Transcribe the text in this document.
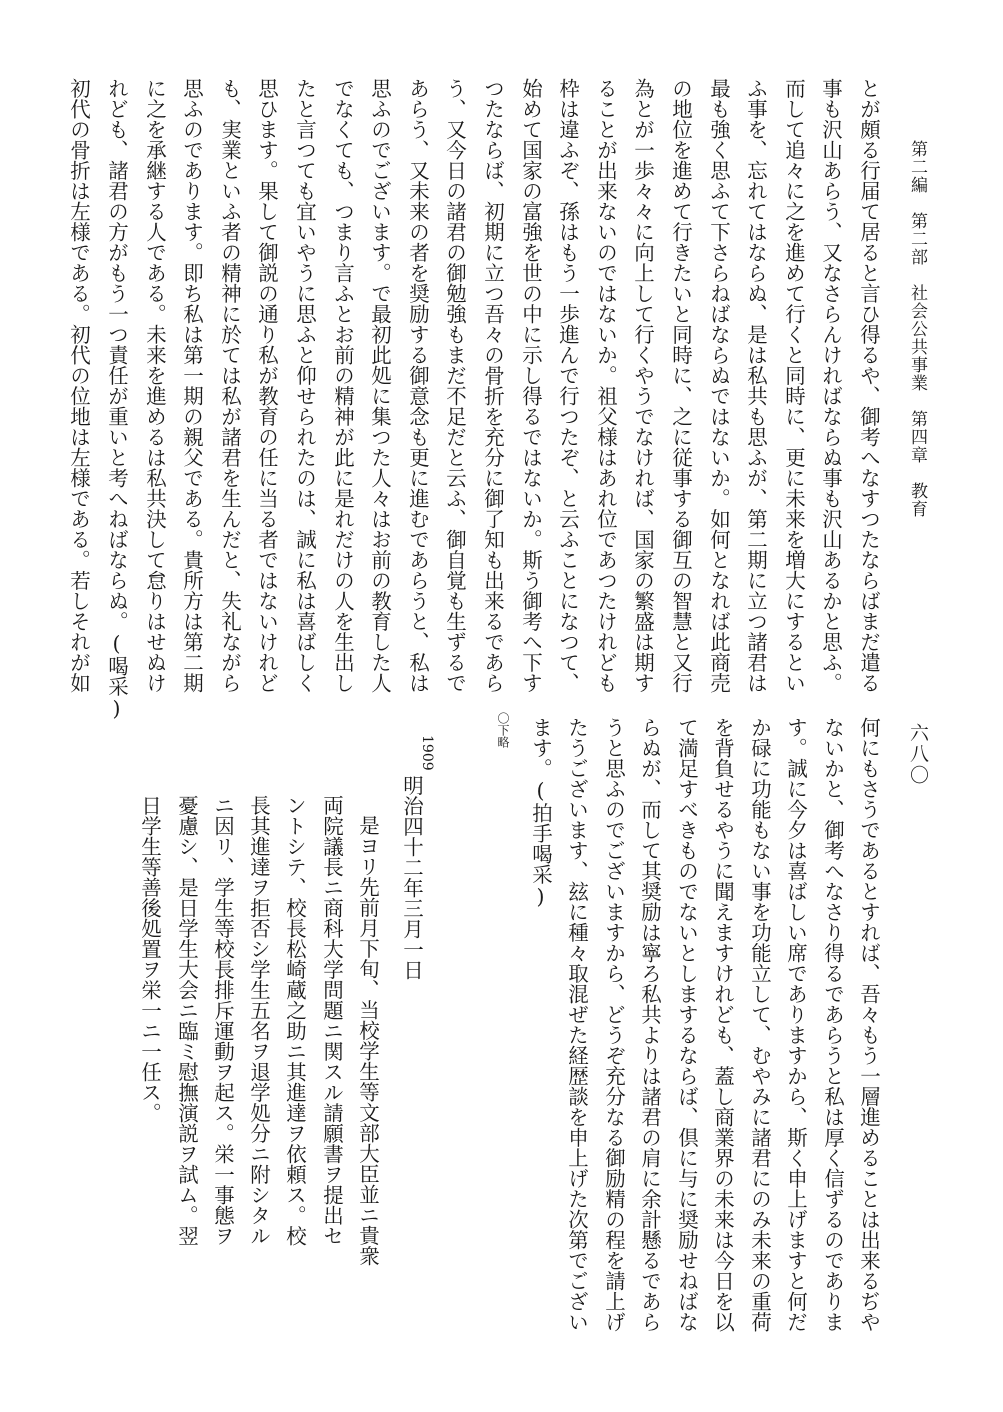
第二編　第二部　社会公共事業　第四章　教育
六八〇
とが頗る行届て居ると言ひ得るや、御考へなすつたならばまだ遣る
事も沢山あらう、又なさらんければならぬ事も沢山あるかと思ふ。
而して追々に之を進めて行くと同時に、更に未来を増大にするとい
ふ事を、忘れてはならぬ、是は私共も思ふが、第二期に立つ諸君は
最も強く思ふて下さらねばならぬではないか。如何となれば此商売
の地位を進めて行きたいと同時に、之に従事する御互の智慧と又行
為とが一歩々々に向上して行くやうでなければ、国家の繁盛は期す
ることが出来ないのではないか。祖父様はあれ位であつたけれども
枠は違ふぞ、孫はもう一歩進んで行つたぞ、と云ふことになつて、
始めて国家の富強を世の中に示し得るではないか。斯う御考へ下す
つたならば、初期に立つ吾々の骨折を充分に御了知も出来るであら
う、又今日の諸君の御勉強もまだ不足だと云ふ、御自覚も生ずるで
あらう、又未来の者を奨励する御意念も更に進むであらうと、私は
思ふのでございます。で最初此処に集つた人々はお前の教育した人
でなくても、つまり言ふとお前の精神が此に是れだけの人を生出し
たと言つても宜いやうに思ふと仰せられたのは、誠に私は喜ばしく
思ひます。果して御説の通り私が教育の任に当る者ではないけれど
も、実業といふ者の精神に於ては私が諸君を生んだと、失礼ながら
思ふのであります。即ち私は第一期の親父である。貴所方は第二期
に之を承継する人である。未来を進めるは私共決して怠りはせぬけ
れども、諸君の方がもう一つ責任が重いと考へねばならぬ。(喝采)
初代の骨折は左様である。初代の位地は左様である。若しそれが如
何にもさうであるとすれば、吾々もう一層進めることは出来るぢや
ないかと、御考へなさり得るであらうと私は厚く信ずるのでありま
す。誠に今夕は喜ばしい席でありますから、斯く申上げますと何だ
か碌に功能もない事を功能立して、むやみに諸君にのみ未来の重荷
を背負せるやうに聞えますけれども、蓋し商業界の未来は今日を以
て満足すべきものでないとしまするならば、倶に与に奨励せねばな
らぬが、而して其奨励は寧ろ私共よりは諸君の肩に余計懸るであら
うと思ふのでございますから、どうぞ充分なる御励精の程を請上げ
たうございます、玆に種々取混ぜた経歴談を申上げた次第でござい
ます。(拍手喝采)
〇下略
1909
明治四十二年三月一日
是ヨリ先前月下旬、当校学生等文部大臣並ニ貴衆
両院議長ニ商科大学問題ニ関スル請願書ヲ提出セ
ントシテ、校長松崎蔵之助ニ其進達ヲ依頼ス。校
長其進達ヲ拒否シ学生五名ヲ退学処分ニ附シタル
ニ因リ、学生等校長排斥運動ヲ起ス。栄一事態ヲ
憂慮シ、是日学生大会ニ臨ミ慰撫演説ヲ試ム。翌
日学生等善後処置ヲ栄一ニ一任ス。
